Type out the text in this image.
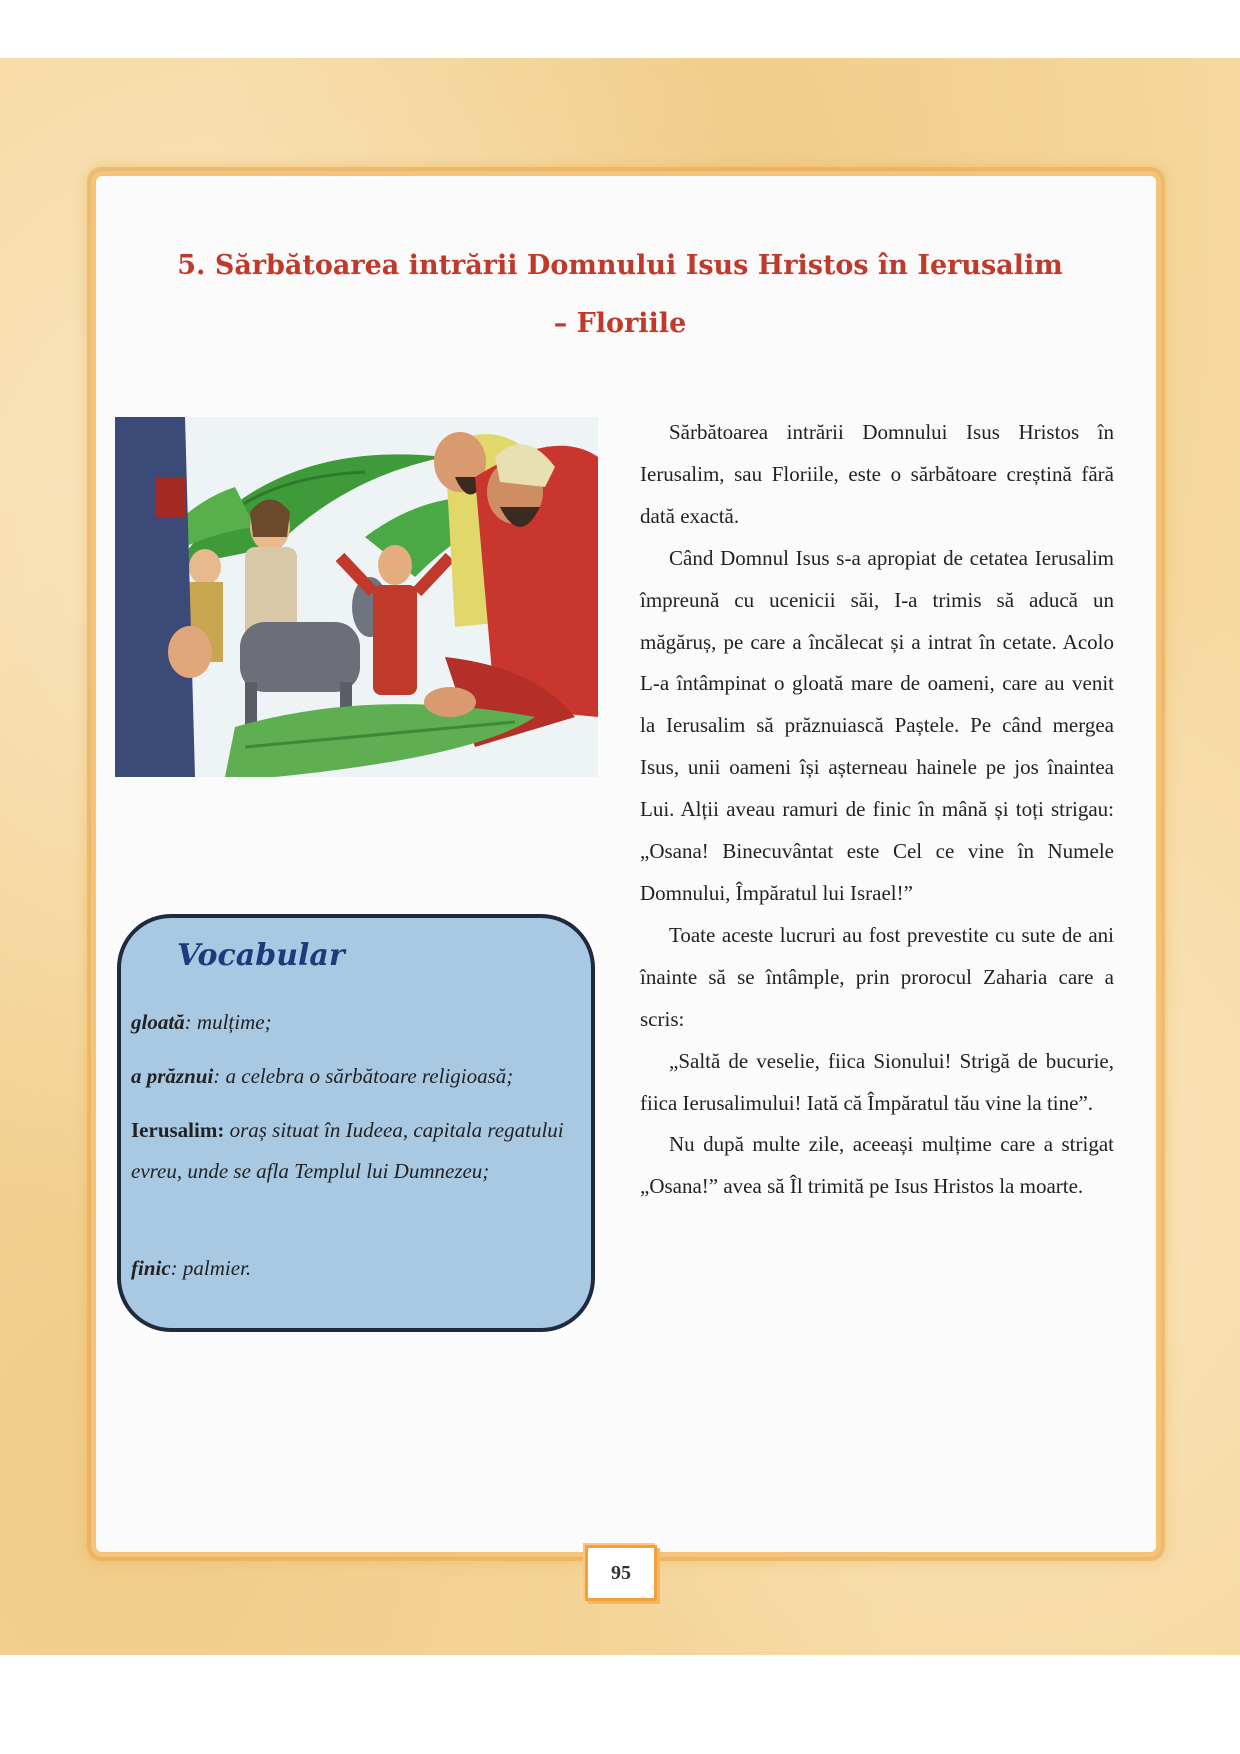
5. Sărbătoarea intrării Domnului Isus Hristos în Ierusalim
– Floriile

Sărbătoarea intrării Domnului Isus Hristos în Ierusalim, sau Floriile, este o sărbătoare creștină fără dată exactă.

Când Domnul Isus s-a apropiat de cetatea Ierusalim împreună cu ucenicii săi, I-a trimis să aducă un măgăruș, pe care a încălecat și a intrat în cetate. Acolo L-a întâmpinat o gloată mare de oameni, care au venit la Ierusalim să prăznuiască Paștele. Pe când mergea Isus, unii oameni își așterneau hainele pe jos înaintea Lui. Alții aveau ramuri de finic în mână și toți strigau: „Osana! Binecuvântat este Cel ce vine în Numele Domnului, Împăratul lui Israel!”

Toate aceste lucruri au fost prevestite cu sute de ani înainte să se întâmple, prin prorocul Zaharia care a scris:

„Saltă de veselie, fiica Sionului! Strigă de bucurie, fiica Ierusalimului! Iată că Împăratul tău vine la tine”.

Nu după multe zile, aceeași mulțime care a strigat „Osana!” avea să Îl trimită pe Isus Hristos la moarte.

Vocabular
gloată: mulțime;
a prăznui: a celebra o sărbătoare religioasă;
Ierusalim: oraș situat în Iudeea, capitala regatului evreu, unde se afla Templul lui Dumnezeu;
finic: palmier.
95
